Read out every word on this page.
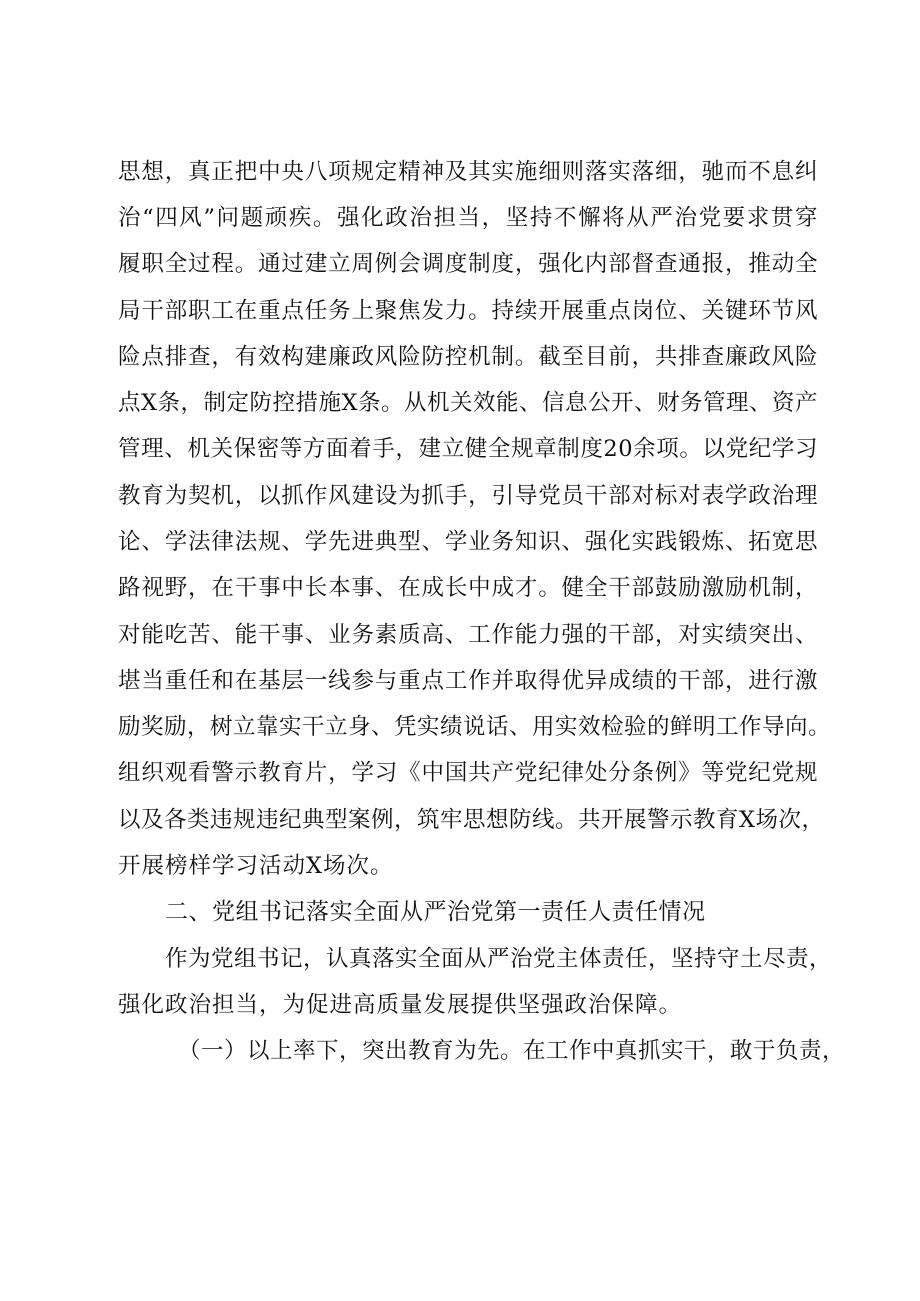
思想，真正把中央八项规定精神及其实施细则落实落细，驰而不息纠
治“四风”问题顽疾。强化政治担当，坚持不懈将从严治党要求贯穿
履职全过程。通过建立周例会调度制度，强化内部督查通报，推动全
局干部职工在重点任务上聚焦发力。持续开展重点岗位、关键环节风
险点排查，有效构建廉政风险防控机制。截至目前，共排查廉政风险
点X条，制定防控措施X条。从机关效能、信息公开、财务管理、资产
管理、机关保密等方面着手，建立健全规章制度20余项。以党纪学习
教育为契机，以抓作风建设为抓手，引导党员干部对标对表学政治理
论、学法律法规、学先进典型、学业务知识、强化实践锻炼、拓宽思
路视野，在干事中长本事、在成长中成才。健全干部鼓励激励机制，
对能吃苦、能干事、业务素质高、工作能力强的干部，对实绩突出、
堪当重任和在基层一线参与重点工作并取得优异成绩的干部，进行激
励奖励，树立靠实干立身、凭实绩说话、用实效检验的鲜明工作导向。
组织观看警示教育片，学习《中国共产党纪律处分条例》等党纪党规
以及各类违规违纪典型案例，筑牢思想防线。共开展警示教育X场次，
开展榜样学习活动X场次。
二、党组书记落实全面从严治党第一责任人责任情况
作为党组书记，认真落实全面从严治党主体责任，坚持守土尽责，
强化政治担当，为促进高质量发展提供坚强政治保障。
（一）以上率下，突出教育为先。在工作中真抓实干，敢于负责，
